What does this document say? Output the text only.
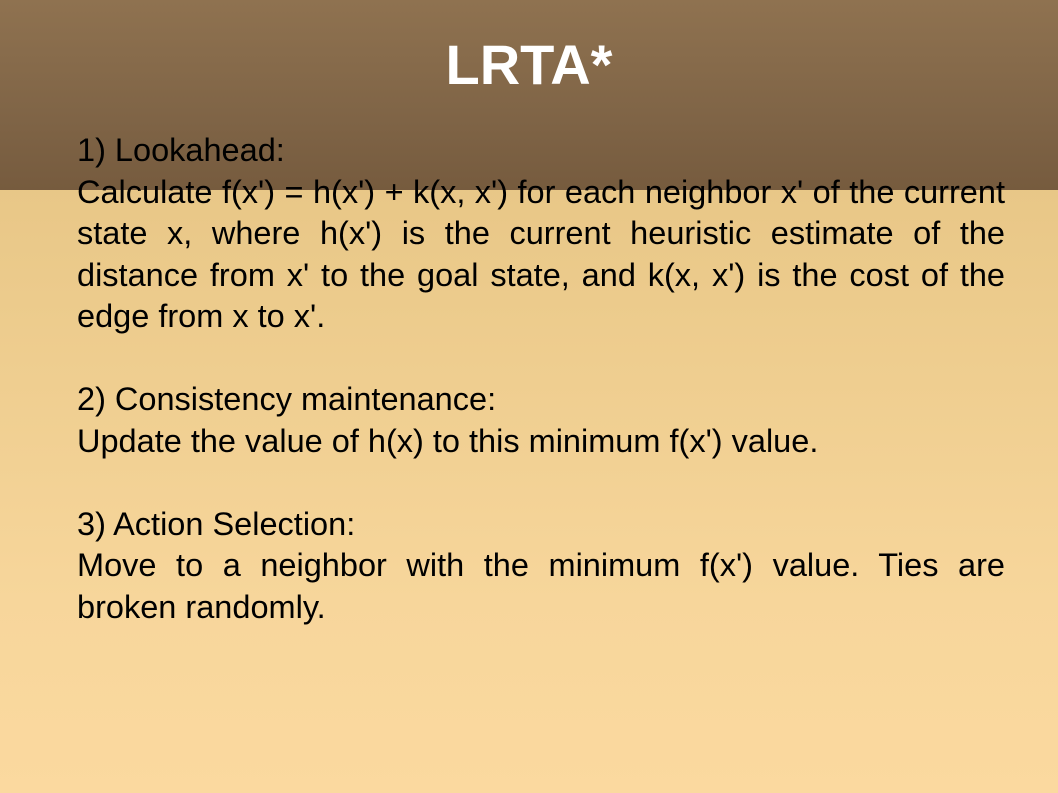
LRTA*
1) Lookahead:
Calculate f(x') = h(x') + k(x, x') for each neighbor x' of the current state x, where h(x') is the current heuristic estimate of the distance from x' to the goal state, and k(x, x') is the cost of the edge from x to x'.
2) Consistency maintenance:
Update the value of h(x) to this minimum f(x') value.
3) Action Selection:
Move to a neighbor with the minimum f(x') value. Ties are broken randomly.
